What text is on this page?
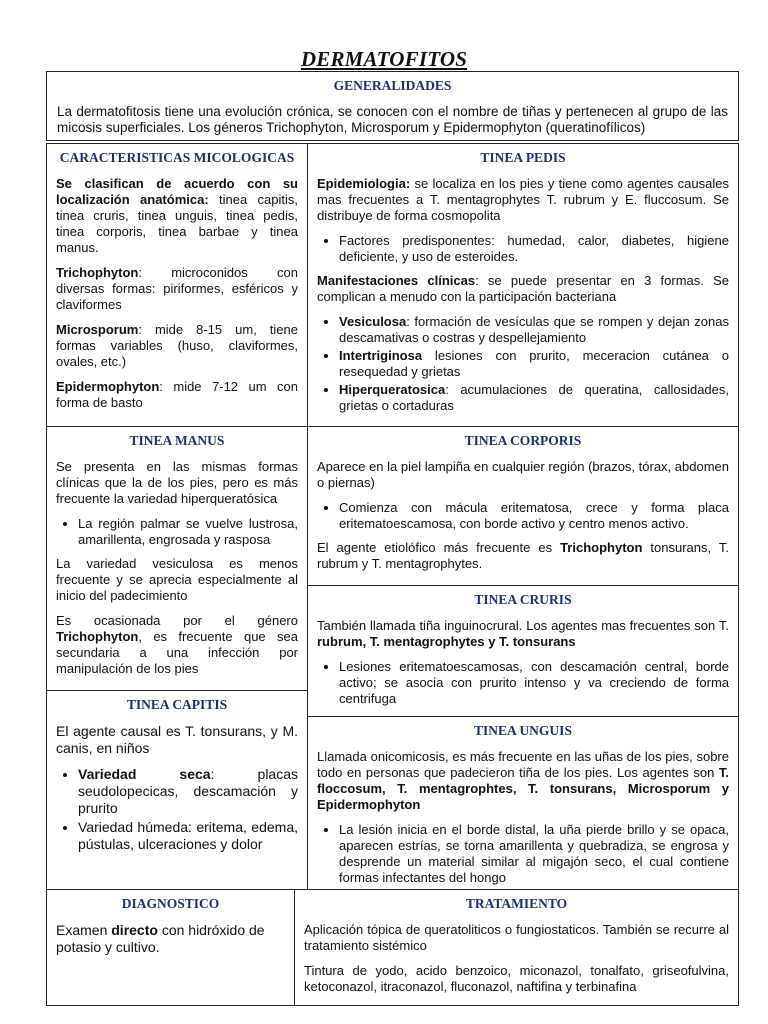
DERMATOFITOS
GENERALIDADES

La dermatofitosis tiene una evolución crónica, se conocen con el nombre de tiñas y pertenecen al grupo de las micosis superficiales. Los géneros Trichophyton, Microsporum y Epidermophyton (queratinofílicos)

CARACTERISTICAS MICOLOGICAS

Se clasifican de acuerdo con su localización anatómica: tinea capitis, tinea cruris, tinea unguis, tinea pedis, tinea corporis, tinea barbae y tinea manus.

Trichophyton: microconidos con diversas formas: piriformes, esféricos y claviformes

Microsporum: mide 8-15 um, tiene formas variables (huso, claviformes, ovales, etc.)

Epidermophyton: mide 7-12 um con forma de basto

TINEA PEDIS

Epidemiologia: se localiza en los pies y tiene como agentes causales mas frecuentes a T. mentagrophytes T. rubrum y E. fluccosum. Se distribuye de forma cosmopolita

• Factores predisponentes: humedad, calor, diabetes, higiene deficiente, y uso de esteroides.

Manifestaciones clínicas: se puede presentar en 3 formas. Se complican a menudo con la participación bacteriana

• Vesiculosa: formación de vesículas que se rompen y dejan zonas descamativas o costras y despellejamiento
• Intertriginosa lesiones con prurito, meceracion cutánea o resequedad y grietas
• Hiperqueratosica: acumulaciones de queratina, callosidades, grietas o cortaduras
TINEA MANUS

Se presenta en las mismas formas clínicas que la de los pies, pero es más frecuente la variedad hiperqueratósica

• La región palmar se vuelve lustrosa, amarillenta, engrosada y rasposa

La variedad vesiculosa es menos frecuente y se aprecia especialmente al inicio del padecimiento

Es ocasionada por el género Trichophyton, es frecuente que sea secundaria a una infección por manipulación de los pies

TINEA CORPORIS

Aparece en la piel lampiña en cualquier región (brazos, tórax, abdomen o piernas)

• Comienza con mácula eritematosa, crece y forma placa eritematoescamosa, con borde activo y centro menos activo.

El agente etiolófico más frecuente es Trichophyton tonsurans, T. rubrum y T. mentagrophytes.

TINEA CRURIS

También llamada tiña inguinocrural. Los agentes mas frecuentes son T. rubrum, T. mentagrophytes y T. tonsurans

• Lesiones eritematoescamosas, con descamación central, borde activo; se asocia con prurito intenso y va creciendo de forma centrifuga
TINEA CAPITIS

El agente causal es T. tonsurans, y M. canis, en niños

• Variedad seca: placas seudolopecicas, descamación y prurito
• Variedad húmeda: eritema, edema, pústulas, ulceraciones y dolor
TINEA UNGUIS

Llamada onicomicosis, es más frecuente en las uñas de los pies, sobre todo en personas que padecieron tiña de los pies. Los agentes son T. floccosum, T. mentagrophtes, T. tonsurans, Microsporum y Epidermophyton

• La lesión inicia en el borde distal, la uña pierde brillo y se opaca, aparecen estrías, se torna amarillenta y quebradiza, se engrosa y desprende un material similar al migajón seco, el cual contiene formas infectantes del hongo
DIAGNOSTICO

Examen directo con hidróxido de potasio y cultivo.

TRATAMIENTO

Aplicación tópica de queratoliticos o fungiostaticos. También se recurre al tratamiento sistémico

Tintura de yodo, acido benzoico, miconazol, tonalfato, griseofulvina, ketoconazol, itraconazol, fluconazol, naftifina y terbinafina
